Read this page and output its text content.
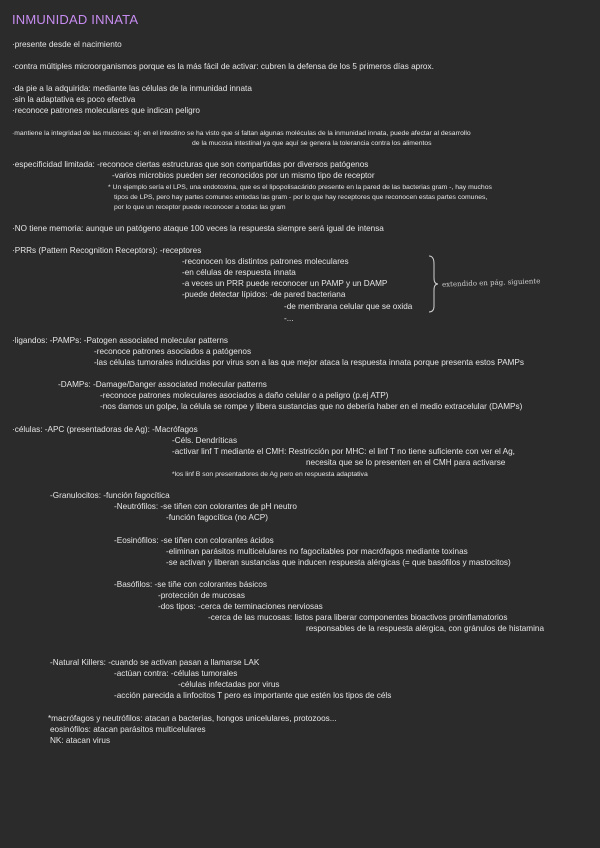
INMUNIDAD INNATA
·presente desde el nacimiento
·contra múltiples microorganismos porque es la más fácil de activar: cubren la defensa de los 5 primeros días aprox.
·da pie a la adquirida: mediante las células de la inmunidad innata
·sin la adaptativa es poco efectiva
·reconoce patrones moleculares que indican peligro
·mantiene la integridad de las mucosas: ej: en el intestino se ha visto que si faltan algunas moléculas de la inmunidad innata, puede afectar al desarrollo
de la mucosa intestinal ya que aquí se genera la tolerancia contra los alimentos
·especificidad limitada: -reconoce ciertas estructuras que son compartidas por diversos patógenos
-varios microbios pueden ser reconocidos por un mismo tipo de receptor
* Un ejemplo sería el LPS, una endotoxina, que es el lipopolisacárido presente en la pared de las bacterias gram -, hay muchos
tipos de LPS, pero hay partes comunes entodas las gram - por lo que hay receptores que reconocen estas partes comunes,
por lo que un receptor puede reconocer a todas las gram
·NO tiene memoria: aunque un patógeno ataque 100 veces la respuesta siempre será igual de intensa
·PRRs (Pattern Recognition Receptors): -receptores
-reconocen los distintos patrones moleculares
-en células de respuesta innata
-a veces un PRR puede reconocer un PAMP y un DAMP
-puede detectar lípidos: -de pared bacteriana
-de membrana celular que se oxida
-...
extendido en pág. siguiente
·ligandos: -PAMPs: -Patogen associated molecular patterns
-reconoce patrones asociados a patógenos
-las células tumorales inducidas por virus son a las que mejor ataca la respuesta innata porque presenta estos PAMPs
-DAMPs: -Damage/Danger associated molecular patterns
-reconoce patrones moleculares asociados a daño celular o a peligro (p.ej ATP)
-nos damos un golpe, la célula se rompe y libera sustancias que no debería haber en el medio extracelular (DAMPs)
·células: -APC (presentadoras de Ag): -Macrófagos
-Céls. Dendríticas
-activar linf T mediante el CMH: Restricción por MHC: el linf T no tiene suficiente con ver el Ag,
necesita que se lo presenten en el CMH para activarse
*los linf B son presentadores de Ag pero en respuesta adaptativa
-Granulocitos: -función fagocítica
-Neutrófilos: -se tiñen con colorantes de pH neutro
-función fagocítica (no ACP)
-Eosinófilos: -se tiñen con colorantes ácidos
-eliminan parásitos multicelulares no fagocitables por macrófagos mediante toxinas
-se activan y liberan sustancias que inducen respuesta alérgicas (= que basófilos y mastocitos)
-Basófilos: -se tiñe con colorantes básicos
-protección de mucosas
-dos tipos: -cerca de terminaciones nerviosas
-cerca de las mucosas: listos para liberar componentes bioactivos proinflamatorios
responsables de la respuesta alérgica, con gránulos de histamina
-Natural Killers: -cuando se activan pasan a llamarse LAK
-actúan contra: -células tumorales
-células infectadas por virus
-acción parecida a linfocitos T pero es importante que estén los tipos de céls
*macrófagos y neutrófilos: atacan a bacterias, hongos unicelulares, protozoos...
eosinófilos: atacan parásitos multicelulares
NK: atacan virus
